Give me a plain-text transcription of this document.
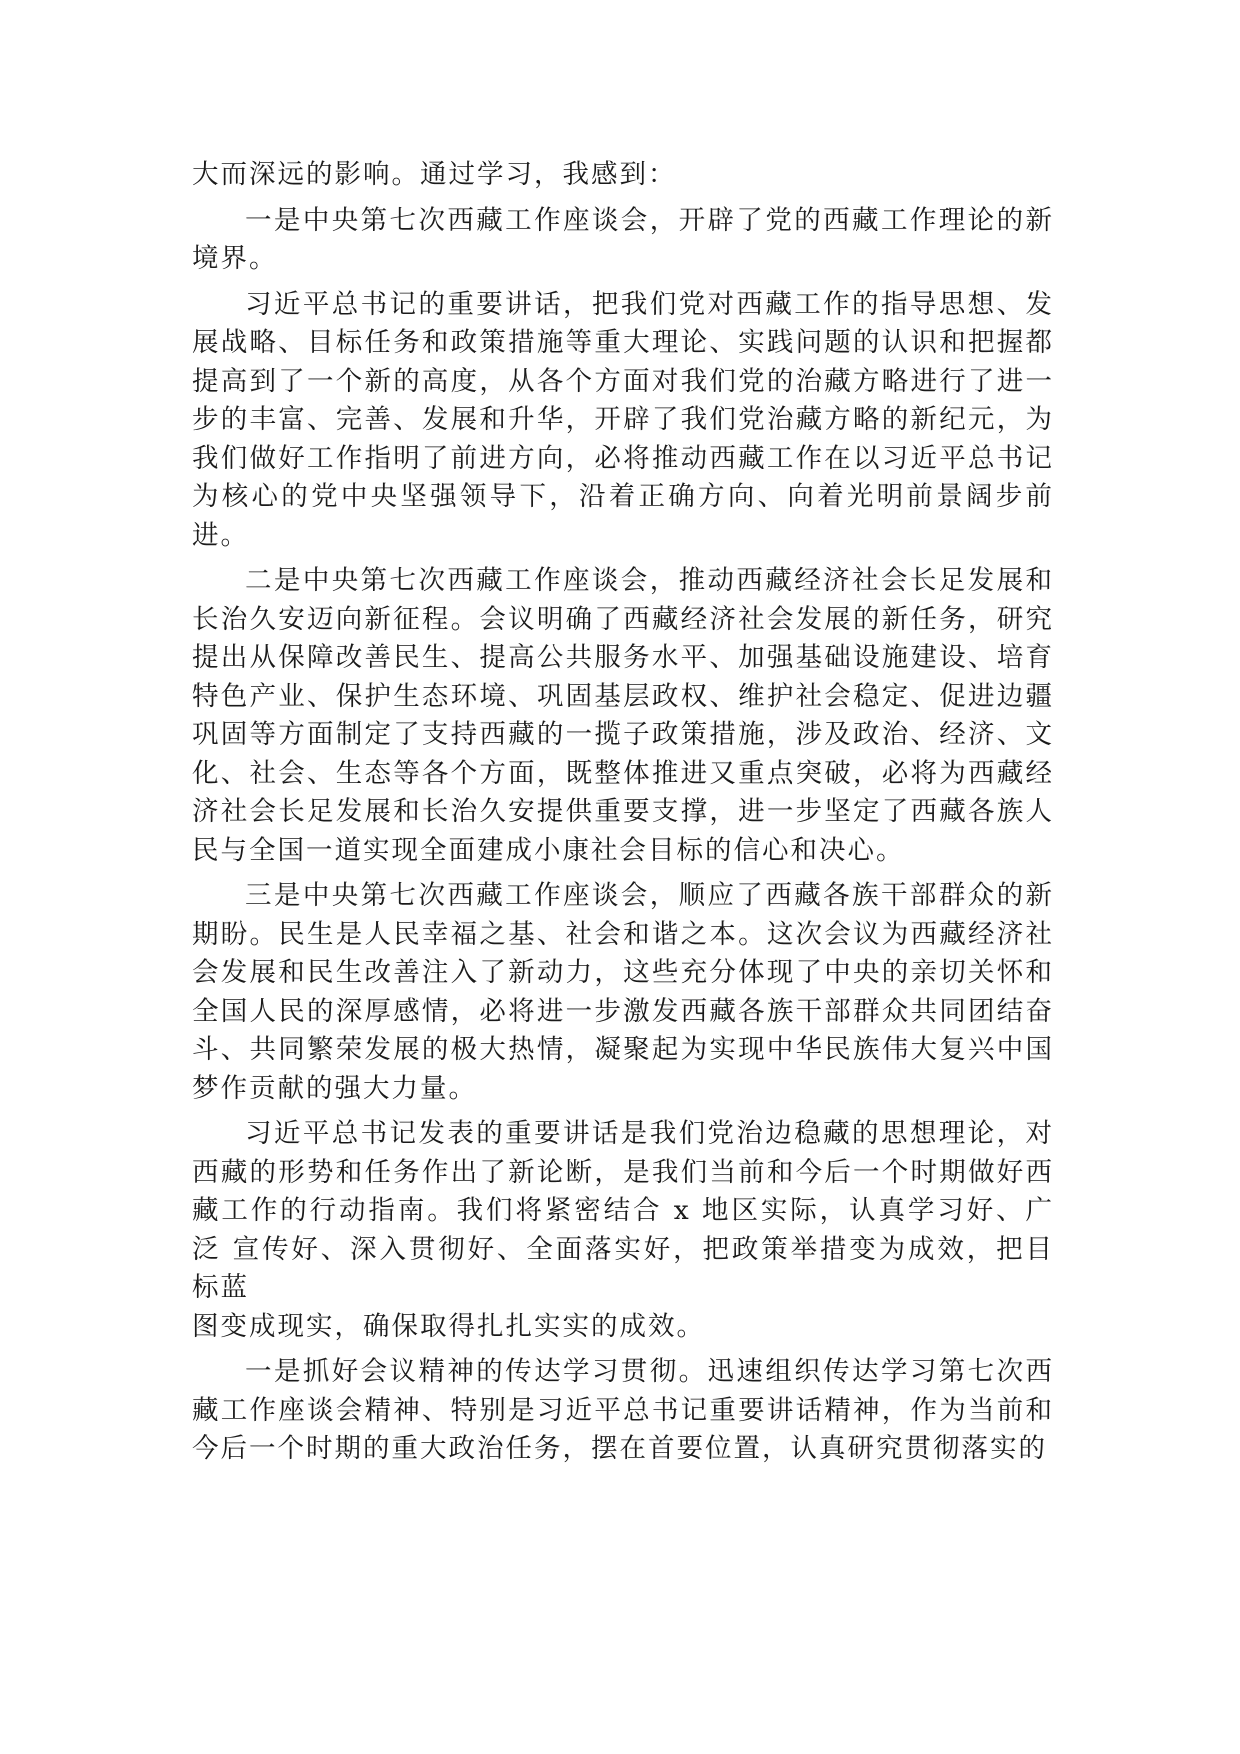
大而深远的影响。通过学习，我感到：

一是中央第七次西藏工作座谈会，开辟了党的西藏工作理论的新境界。

习近平总书记的重要讲话，把我们党对西藏工作的指导思想、发展战略、目标任务和政策措施等重大理论、实践问题的认识和把握都提高到了一个新的高度，从各个方面对我们党的治藏方略进行了进一步的丰富、完善、发展和升华，开辟了我们党治藏方略的新纪元，为我们做好工作指明了前进方向，必将推动西藏工作在以习近平总书记为核心的党中央坚强领导下，沿着正确方向、向着光明前景阔步前进。

二是中央第七次西藏工作座谈会，推动西藏经济社会长足发展和长治久安迈向新征程。会议明确了西藏经济社会发展的新任务，研究提出从保障改善民生、提高公共服务水平、加强基础设施建设、培育特色产业、保护生态环境、巩固基层政权、维护社会稳定、促进边疆巩固等方面制定了支持西藏的一揽子政策措施，涉及政治、经济、文化、社会、生态等各个方面，既整体推进又重点突破，必将为西藏经济社会长足发展和长治久安提供重要支撑，进一步坚定了西藏各族人民与全国一道实现全面建成小康社会目标的信心和决心。

三是中央第七次西藏工作座谈会，顺应了西藏各族干部群众的新期盼。民生是人民幸福之基、社会和谐之本。这次会议为西藏经济社会发展和民生改善注入了新动力，这些充分体现了中央的亲切关怀和全国人民的深厚感情，必将进一步激发西藏各族干部群众共同团结奋斗、共同繁荣发展的极大热情，凝聚起为实现中华民族伟大复兴中国梦作贡献的强大力量。

习近平总书记发表的重要讲话是我们党治边稳藏的思想理论，对西藏的形势和任务作出了新论断，是我们当前和今后一个时期做好西藏工作的行动指南。我们将紧密结合 x 地区实际，认真学习好、广泛 宣传好、深入贯彻好、全面落实好，把政策举措变为成效，把目标蓝

图变成现实，确保取得扎扎实实的成效。

一是抓好会议精神的传达学习贯彻。迅速组织传达学习第七次西藏工作座谈会精神、特别是习近平总书记重要讲话精神，作为当前和今后一个时期的重大政治任务，摆在首要位置，认真研究贯彻落实的
